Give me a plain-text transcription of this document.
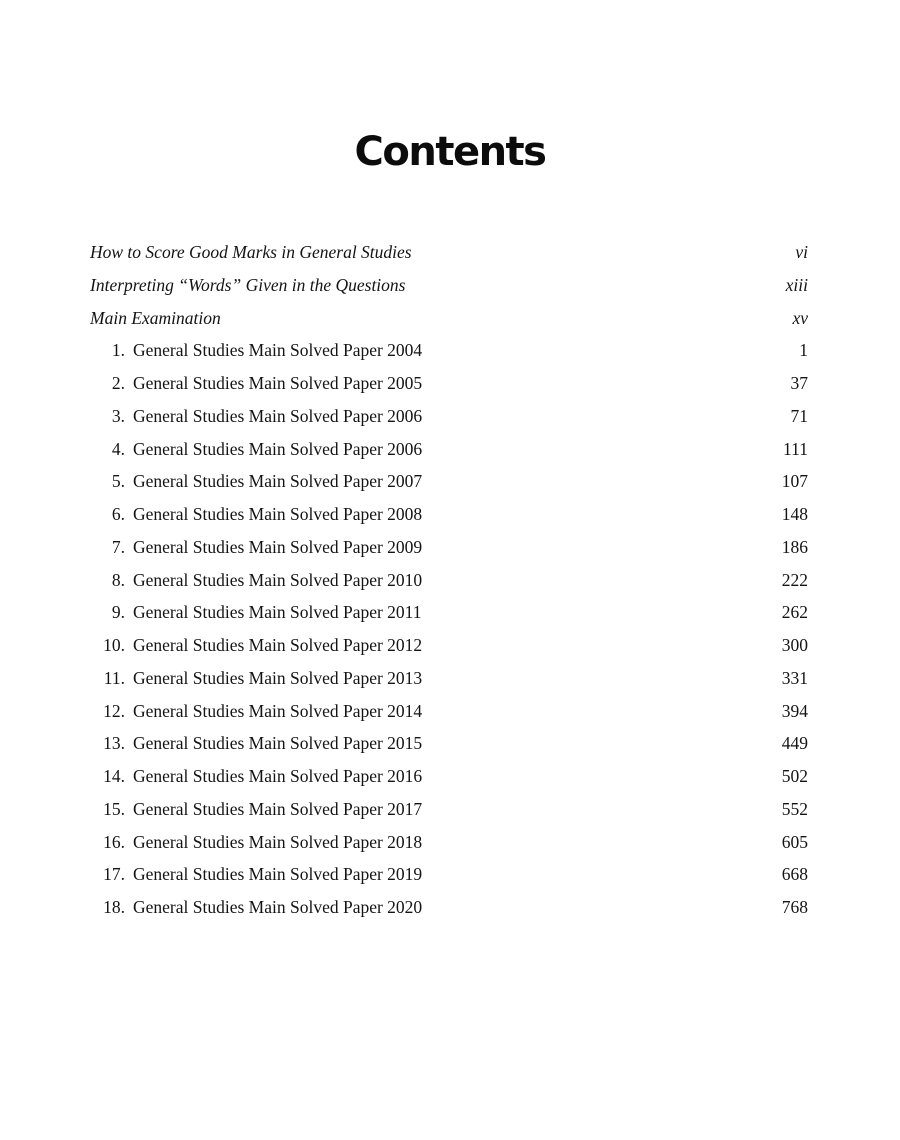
Contents
How to Score Good Marks in General Studies	vi
Interpreting “Words” Given in the Questions	xiii
Main Examination	xv
1. General Studies Main Solved Paper 2004	1
2. General Studies Main Solved Paper 2005	37
3. General Studies Main Solved Paper 2006	71
4. General Studies Main Solved Paper 2006	111
5. General Studies Main Solved Paper 2007	107
6. General Studies Main Solved Paper 2008	148
7. General Studies Main Solved Paper 2009	186
8. General Studies Main Solved Paper 2010	222
9. General Studies Main Solved Paper 2011	262
10. General Studies Main Solved Paper 2012	300
11. General Studies Main Solved Paper 2013	331
12. General Studies Main Solved Paper 2014	394
13. General Studies Main Solved Paper 2015	449
14. General Studies Main Solved Paper 2016	502
15. General Studies Main Solved Paper 2017	552
16. General Studies Main Solved Paper 2018	605
17. General Studies Main Solved Paper 2019	668
18. General Studies Main Solved Paper 2020	768
